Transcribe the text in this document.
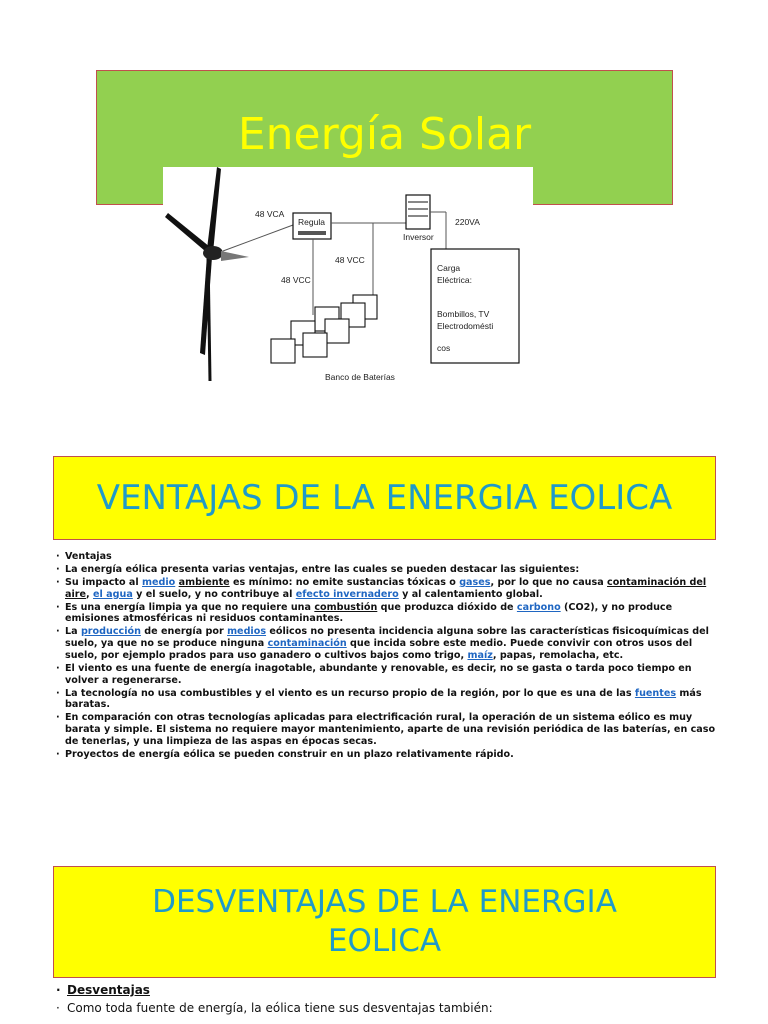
Energía Solar
48 VCA
Regula
Inversor
220VA
Carga
Eléctrica:
Bombillos, TV
Electrodomésti
cos
48 VCC
48 VCC
Banco de Baterías
VENTAJAS DE LA ENERGIA EOLICA
· Ventajas
· La energía eólica presenta varias ventajas, entre las cuales se pueden destacar las siguientes:
· Su impacto al medio ambiente es mínimo: no emite sustancias tóxicas o gases, por lo que no causa contaminación del aire, el agua y el suelo, y no contribuye al efecto invernadero y al calentamiento global.
· Es una energía limpia ya que no requiere una combustión que produzca dióxido de carbono (CO2), y no produce emisiones atmosféricas ni residuos contaminantes.
· La producción de energía por medios eólicos no presenta incidencia alguna sobre las características fisicoquímicas del suelo, ya que no se produce ninguna contaminación que incida sobre este medio. Puede convivir con otros usos del suelo, por ejemplo prados para uso ganadero o cultivos bajos como trigo, maíz, papas, remolacha, etc.
· El viento es una fuente de energía inagotable, abundante y renovable, es decir, no se gasta o tarda poco tiempo en volver a regenerarse.
· La tecnología no usa combustibles y el viento es un recurso propio de la región, por lo que es una de las fuentes más baratas.
· En comparación con otras tecnologías aplicadas para electrificación rural, la operación de un sistema eólico es muy barata y simple. El sistema no requiere mayor mantenimiento, aparte de una revisión periódica de las baterías, en caso de tenerlas, y una limpieza de las aspas en épocas secas.
· Proyectos de energía eólica se pueden construir en un plazo relativamente rápido.
DESVENTAJAS DE LA ENERGIA
EOLICA
· Desventajas
· Como toda fuente de energía, la eólica tiene sus desventajas también:
